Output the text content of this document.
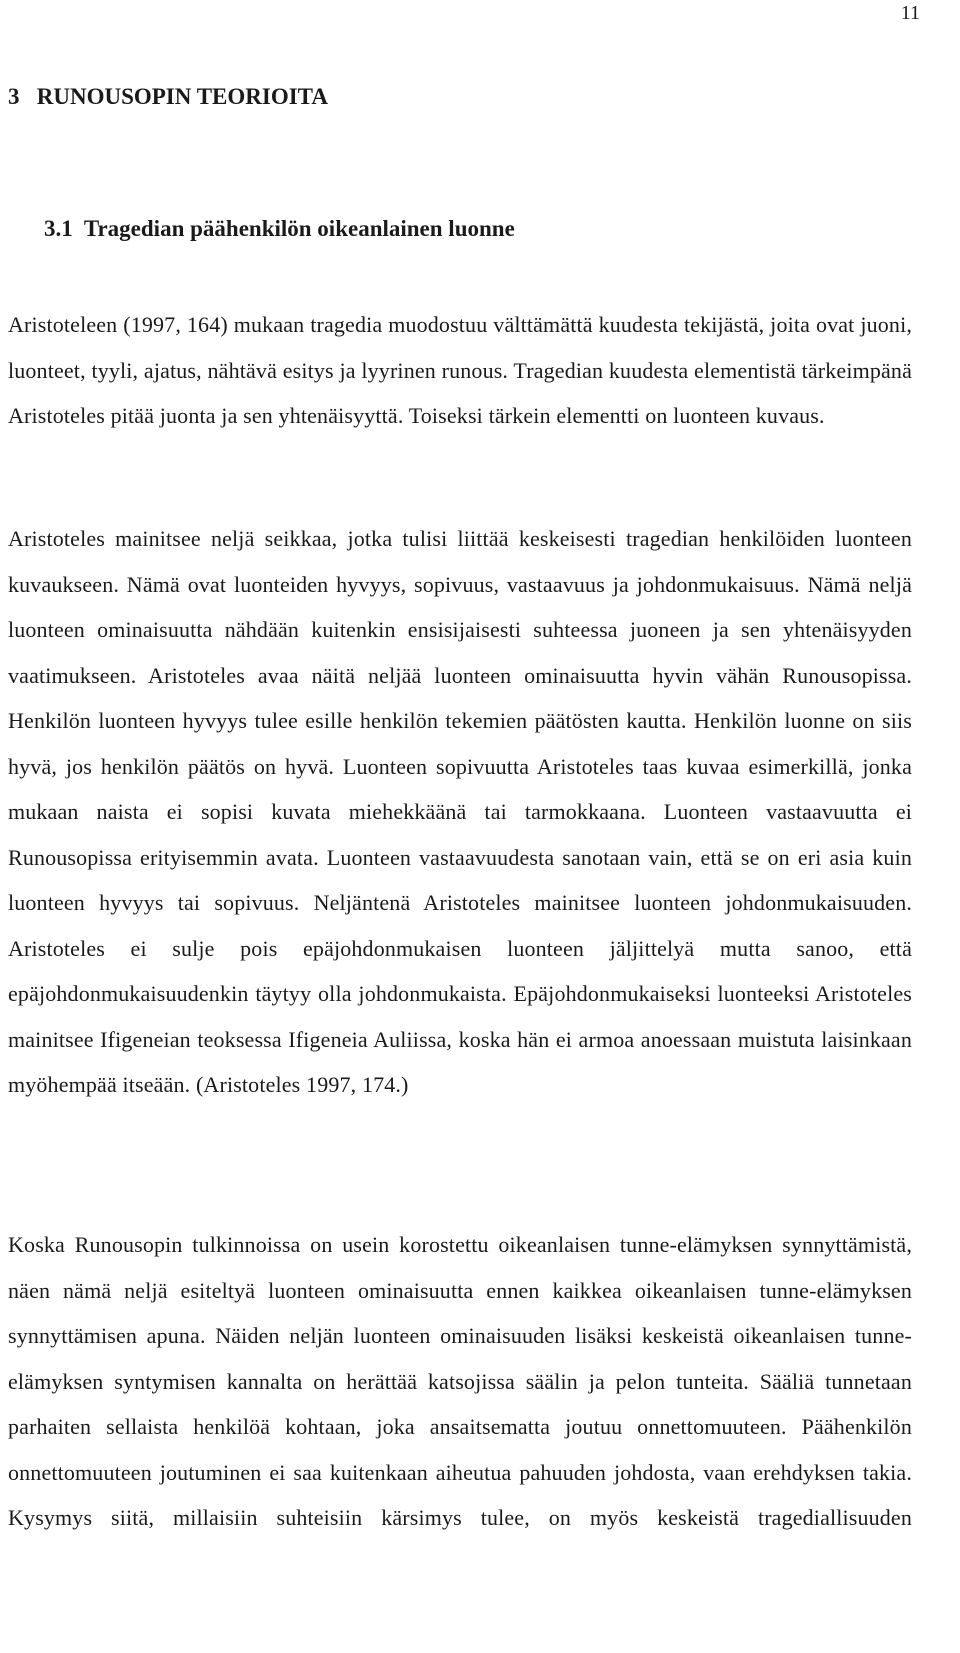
11

3   RUNOUSOPIN TEORIOITA
3.1  Tragedian päähenkilön oikeanlainen luonne

Aristoteleen (1997, 164) mukaan tragedia muodostuu välttämättä kuudesta tekijästä, joita ovat juoni, luonteet, tyyli, ajatus, nähtävä esitys ja lyyrinen runous. Tragedian kuudesta elementistä tärkeimpänä Aristoteles pitää juonta ja sen yhtenäisyyttä. Toiseksi tärkein elementti on luonteen kuvaus.

Aristoteles mainitsee neljä seikkaa, jotka tulisi liittää keskeisesti tragedian henkilöiden luonteen kuvaukseen. Nämä ovat luonteiden hyvyys, sopivuus, vastaavuus ja johdonmukaisuus. Nämä neljä luonteen ominaisuutta nähdään kuitenkin ensisijaisesti suhteessa juoneen ja sen yhtenäisyyden vaatimukseen. Aristoteles avaa näitä neljää luonteen ominaisuutta hyvin vähän Runousopissa. Henkilön luonteen hyvyys tulee esille henkilön tekemien päätösten kautta. Henkilön luonne on siis hyvä, jos henkilön päätös on hyvä. Luonteen sopivuutta Aristoteles taas kuvaa esimerkillä, jonka mukaan naista ei sopisi kuvata miehekkäänä tai tarmokkaana. Luonteen vastaavuutta ei Runousopissa erityisemmin avata. Luonteen vastaavuudesta sanotaan vain, että se on eri asia kuin luonteen hyvyys tai sopivuus. Neljäntenä Aristoteles mainitsee luonteen johdonmukaisuuden. Aristoteles ei sulje pois epäjohdonmukaisen luonteen jäljittelyä mutta sanoo, että epäjohdonmukaisuudenkin täytyy olla johdonmukaista. Epäjohdonmukaiseksi luonteeksi Aristoteles mainitsee Ifigeneian teoksessa Ifigeneia Auliissa, koska hän ei armoa anoessaan muistuta laisinkaan myöhempää itseään. (Aristoteles 1997, 174.)

Koska Runousopin tulkinnoissa on usein korostettu oikeanlaisen tunne-elämyksen synnyttämistä, näen nämä neljä esiteltyä luonteen ominaisuutta ennen kaikkea oikeanlaisen tunne-elämyksen synnyttämisen apuna. Näiden neljän luonteen ominaisuuden lisäksi keskeistä oikeanlaisen tunne-elämyksen syntymisen kannalta on herättää katsojissa säälin ja pelon tunteita. Sääliä tunnetaan parhaiten sellaista henkilöä kohtaan, joka ansaitsematta joutuu onnettomuuteen. Päähenkilön onnettomuuteen joutuminen ei saa kuitenkaan aiheutua pahuuden johdosta, vaan erehdyksen takia. Kysymys siitä, millaisiin suhteisiin kärsimys tulee, on myös keskeistä tragediallisuuden
